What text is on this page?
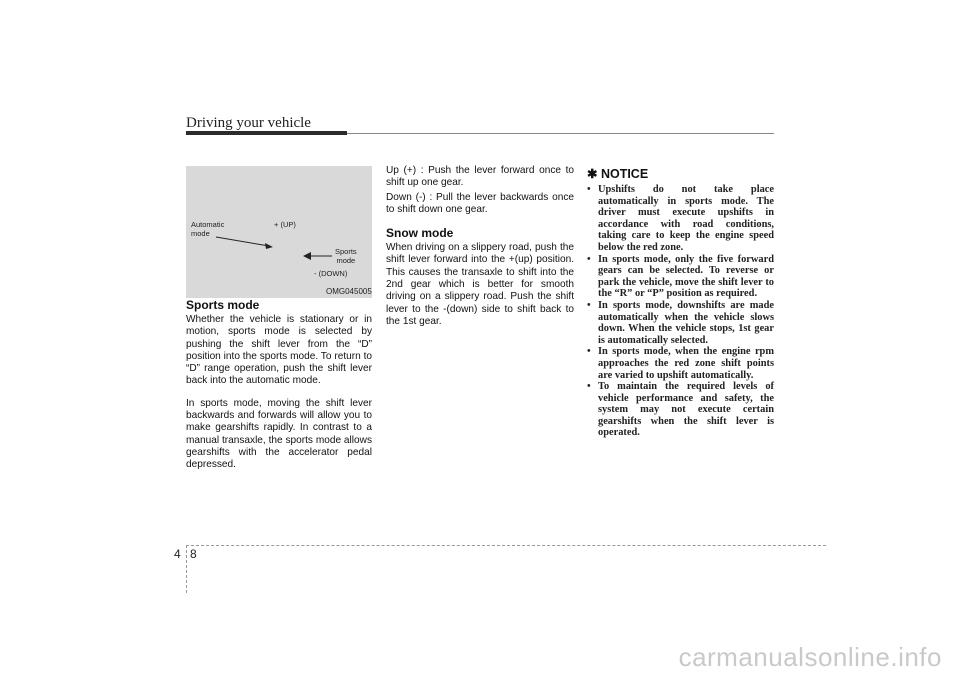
Driving your vehicle
Automatic
mode
+ (UP)
Sports
mode
- (DOWN)
OMG045005
Sports mode

Whether the vehicle is stationary or in motion, sports mode is selected by pushing the shift lever from the “D” position into the sports mode. To return to “D” range operation, push the shift lever back into the automatic mode.

In sports mode, moving the shift lever backwards and forwards will allow you to make gearshifts rapidly. In contrast to a manual transaxle, the sports mode allows gearshifts with the accelerator pedal depressed.

Up (+) : Push the lever forward once to shift up one gear.

Down (-) : Pull the lever backwards once to shift down one gear.

Snow mode

When driving on a slippery road, push the shift lever forward into the +(up) position. This causes the transaxle to shift into the 2nd gear which is better for smooth driving on a slippery road. Push the shift lever to the -(down) side to shift back to the 1st gear.

✱ NOTICE
• Upshifts do not take place automatically in sports mode. The driver must execute upshifts in accordance with road conditions, taking care to keep the engine speed below the red zone.
• In sports mode, only the five forward gears can be selected. To reverse or park the vehicle, move the shift lever to the “R” or “P” position as required.
• In sports mode, downshifts are made automatically when the vehicle slows down. When the vehicle stops, 1st gear is automatically selected.
• In sports mode, when the engine rpm approaches the red zone shift points are varied to upshift automatically.
• To maintain the required levels of vehicle performance and safety, the system may not execute certain gearshifts when the shift lever is operated.
4 8
carmanualsonline.info
